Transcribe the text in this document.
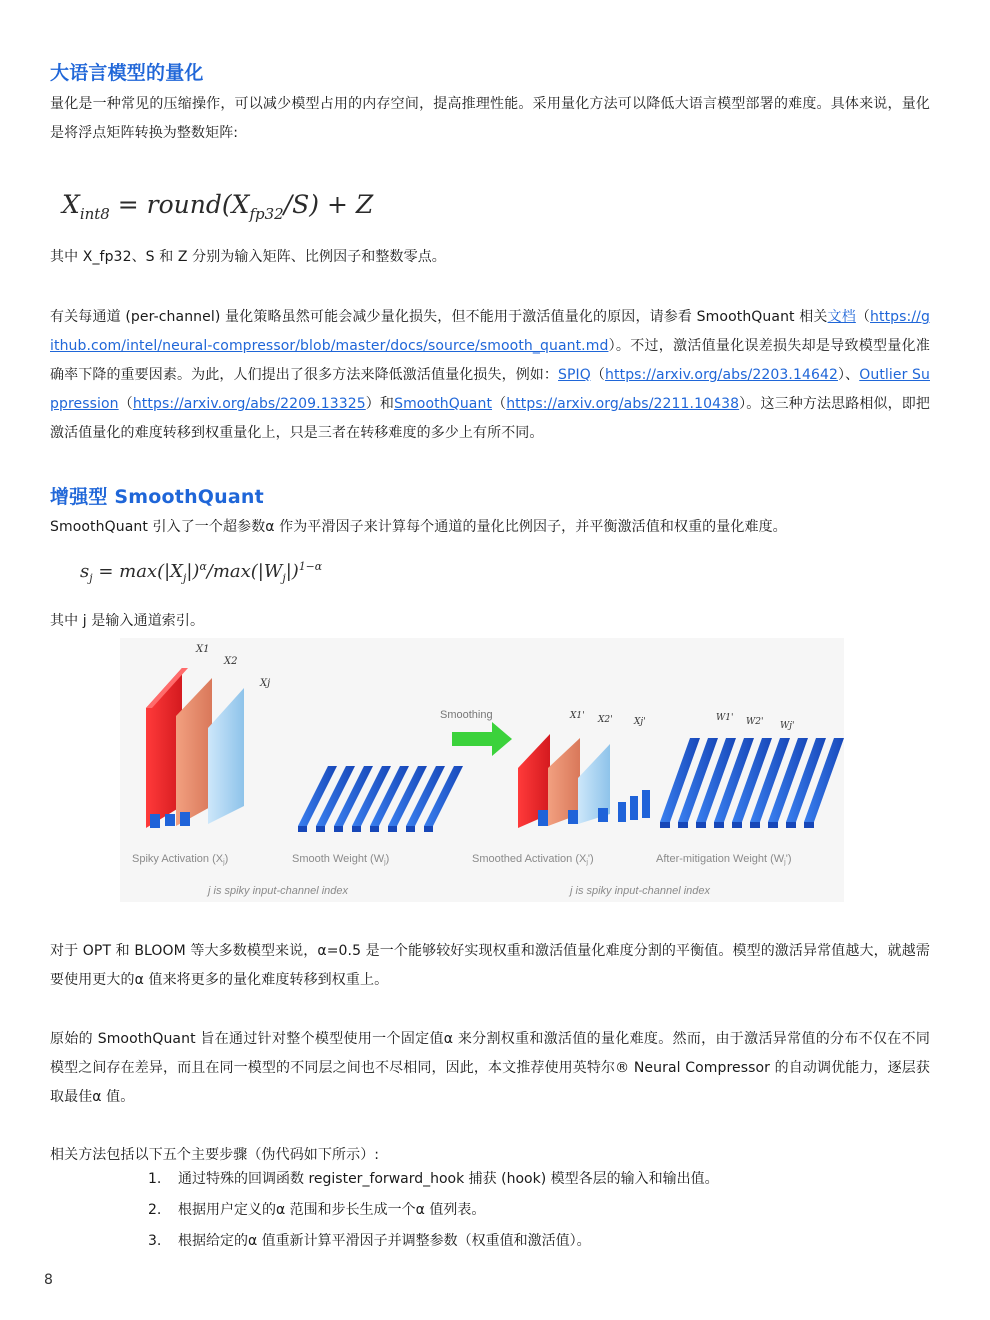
大语言模型的量化

量化是一种常见的压缩操作，可以减少模型占用的内存空间，提高推理性能。采用量化方法可以降低大语言模型部署的难度。具体来说，量化是将浮点矩阵转换为整数矩阵:

$X_{int8}$ = $round(X_{fp32}/S) + Z$

其中 X_fp32、S 和 Z 分别为输入矩阵、比例因子和整数零点。

有关每通道 (per-channel) 量化策略虽然可能会减少量化损失，但不能用于激活值量化的原因，请参看 SmoothQuant 相关文档（https://github.com/intel/neural-compressor/blob/master/docs/source/smooth_quant.md）。不过，激活值量化误差损失却是导致模型量化准确率下降的重要因素。为此，人们提出了很多方法来降低激活值量化损失，例如：SPIQ（https://arxiv.org/abs/2203.14642）、Outlier Suppression（https://arxiv.org/abs/2209.13325）和SmoothQuant（https://arxiv.org/abs/2211.10438）。这三种方法思路相似，即把激活值量化的难度转移到权重量化上，只是三者在转移难度的多少上有所不同。

增强型 SmoothQuant

SmoothQuant 引入了一个超参数α 作为平滑因子来计算每个通道的量化比例因子，并平衡激活值和权重的量化难度。

$s_j = \max(|X_j|)^\alpha/\max(|W_j|)^{1-\alpha}$

其中 j 是输入通道索引。

X1
X2
Xj
Smoothing	X1' X2' Xj'	W1' W2' Wj'
Spiky Activation (Xj)	Smooth Weight (Wj)	Smoothed Activation (Xj')	After-mitigation Weight (Wj')
j is spiky input-channel index	j is spiky input-channel index

对于 OPT 和 BLOOM 等大多数模型来说，α=0.5 是一个能够较好实现权重和激活值量化难度分割的平衡值。模型的激活异常值越大，就越需要使用更大的α 值来将更多的量化难度转移到权重上。

原始的 SmoothQuant 旨在通过针对整个模型使用一个固定值α 来分割权重和激活值的量化难度。然而，由于激活异常值的分布不仅在不同模型之间存在差异，而且在同一模型的不同层之间也不尽相同，因此，本文推荐使用英特尔® Neural Compressor 的自动调优能力，逐层获取最佳α 值。

相关方法包括以下五个主要步骤（伪代码如下所示）:

1. 通过特殊的回调函数 register_forward_hook 捕获 (hook) 模型各层的输入和输出值。
2. 根据用户定义的α 范围和步长生成一个α 值列表。
3. 根据给定的α 值重新计算平滑因子并调整参数（权重值和激活值）。
8
